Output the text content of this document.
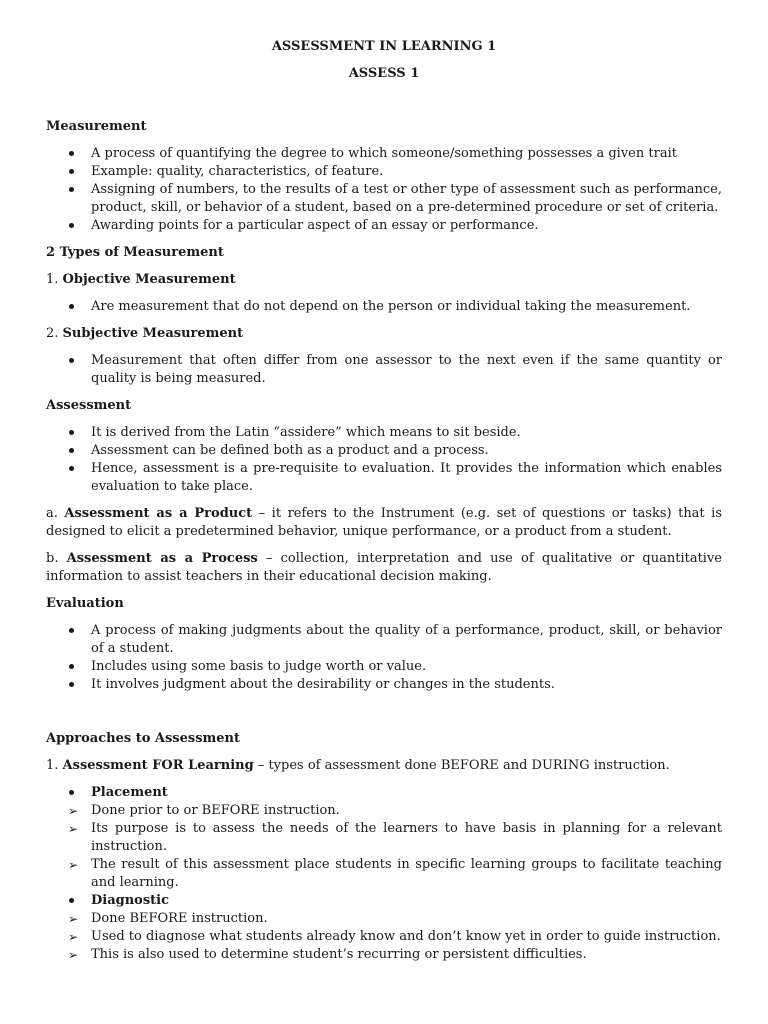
ASSESSMENT IN LEARNING 1

ASSESS 1

Measurement
A process of quantifying the degree to which someone/something possesses a given trait
Example: quality, characteristics, of feature.
Assigning of numbers, to the results of a test or other type of assessment such as performance, product, skill, or behavior of a student, based on a pre-determined procedure or set of criteria.
Awarding points for a particular aspect of an essay or performance.
2 Types of Measurement

1. Objective Measurement

Are measurement that do not depend on the person or individual taking the measurement.

2. Subjective Measurement

Measurement that often differ from one assessor to the next even if the same quantity or quality is being measured.
Assessment
It is derived from the Latin “assidere” which means to sit beside.
Assessment can be defined both as a product and a process.
Hence, assessment is a pre-requisite to evaluation. It provides the information which enables evaluation to take place.

a. Assessment as a Product – it refers to the Instrument (e.g. set of questions or tasks) that is designed to elicit a predetermined behavior, unique performance, or a product from a student.

b. Assessment as a Process – collection, interpretation and use of qualitative or quantitative information to assist teachers in their educational decision making.

Evaluation
A process of making judgments about the quality of a performance, product, skill, or behavior of a student.
Includes using some basis to judge worth or value.
It involves judgment about the desirability or changes in the students.
Approaches to Assessment

1. Assessment FOR Learning – types of assessment done BEFORE and DURING instruction.

Placement
➢ Done prior to or BEFORE instruction.
➢ Its purpose is to assess the needs of the learners to have basis in planning for a relevant instruction.
➢ The result of this assessment place students in specific learning groups to facilitate teaching and learning.
Diagnostic
➢ Done BEFORE instruction.
➢ Used to diagnose what students already know and don’t know yet in order to guide instruction.
➢ This is also used to determine student’s recurring or persistent difficulties.
